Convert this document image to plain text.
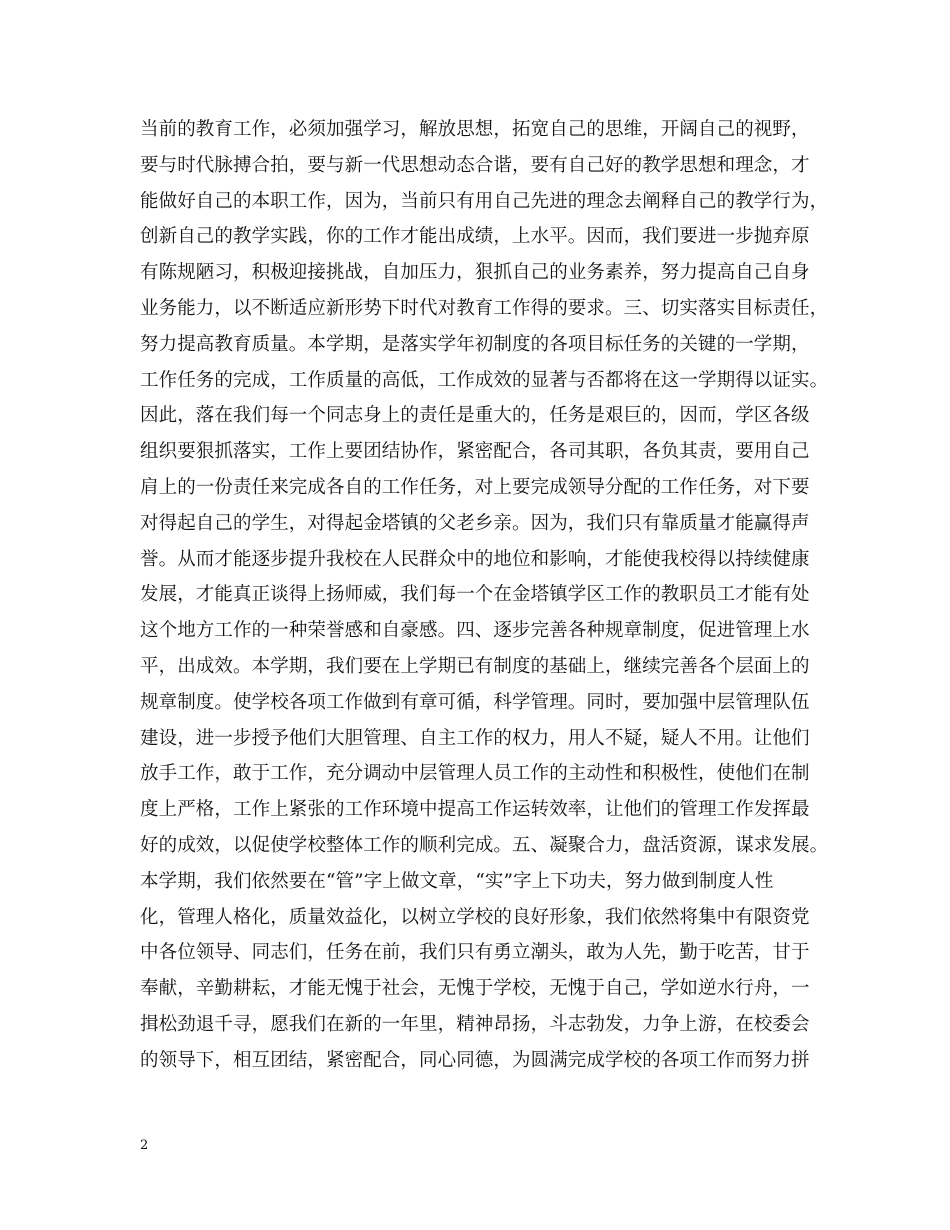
当前的教育工作，必须加强学习，解放思想，拓宽自己的思维，开阔自己的视野，
要与时代脉搏合拍，要与新一代思想动态合谐，要有自己好的教学思想和理念，才
能做好自己的本职工作，因为，当前只有用自己先进的理念去阐释自己的教学行为，
创新自己的教学实践，你的工作才能出成绩，上水平。因而，我们要进一步抛弃原
有陈规陋习，积极迎接挑战，自加压力，狠抓自己的业务素养，努力提高自己自身
业务能力，以不断适应新形势下时代对教育工作得的要求。三、切实落实目标责任，
努力提高教育质量。本学期，是落实学年初制度的各项目标任务的关键的一学期，
工作任务的完成，工作质量的高低，工作成效的显著与否都将在这一学期得以证实。
因此，落在我们每一个同志身上的责任是重大的，任务是艰巨的，因而，学区各级
组织要狠抓落实，工作上要团结协作，紧密配合，各司其职，各负其责，要用自己
肩上的一份责任来完成各自的工作任务，对上要完成领导分配的工作任务，对下要
对得起自己的学生，对得起金塔镇的父老乡亲。因为，我们只有靠质量才能赢得声
誉。从而才能逐步提升我校在人民群众中的地位和影响，才能使我校得以持续健康
发展，才能真正谈得上扬师威，我们每一个在金塔镇学区工作的教职员工才能有处
这个地方工作的一种荣誉感和自豪感。四、逐步完善各种规章制度，促进管理上水
平，出成效。本学期，我们要在上学期已有制度的基础上，继续完善各个层面上的
规章制度。使学校各项工作做到有章可循，科学管理。同时，要加强中层管理队伍
建设，进一步授予他们大胆管理、自主工作的权力，用人不疑，疑人不用。让他们
放手工作，敢于工作，充分调动中层管理人员工作的主动性和积极性，使他们在制
度上严格，工作上紧张的工作环境中提高工作运转效率，让他们的管理工作发挥最
好的成效，以促使学校整体工作的顺利完成。五、凝聚合力，盘活资源，谋求发展。
本学期，我们依然要在“管”字上做文章，“实”字上下功夫，努力做到制度人性
化，管理人格化，质量效益化，以树立学校的良好形象，我们依然将集中有限资党
中各位领导、同志们，任务在前，我们只有勇立潮头，敢为人先，勤于吃苦，甘于
奉献，辛勤耕耘，才能无愧于社会，无愧于学校，无愧于自己，学如逆水行舟，一
揖松劲退千寻，愿我们在新的一年里，精神昂扬，斗志勃发，力争上游，在校委会
的领导下，相互团结，紧密配合，同心同德，为圆满完成学校的各项工作而努力拼
2
